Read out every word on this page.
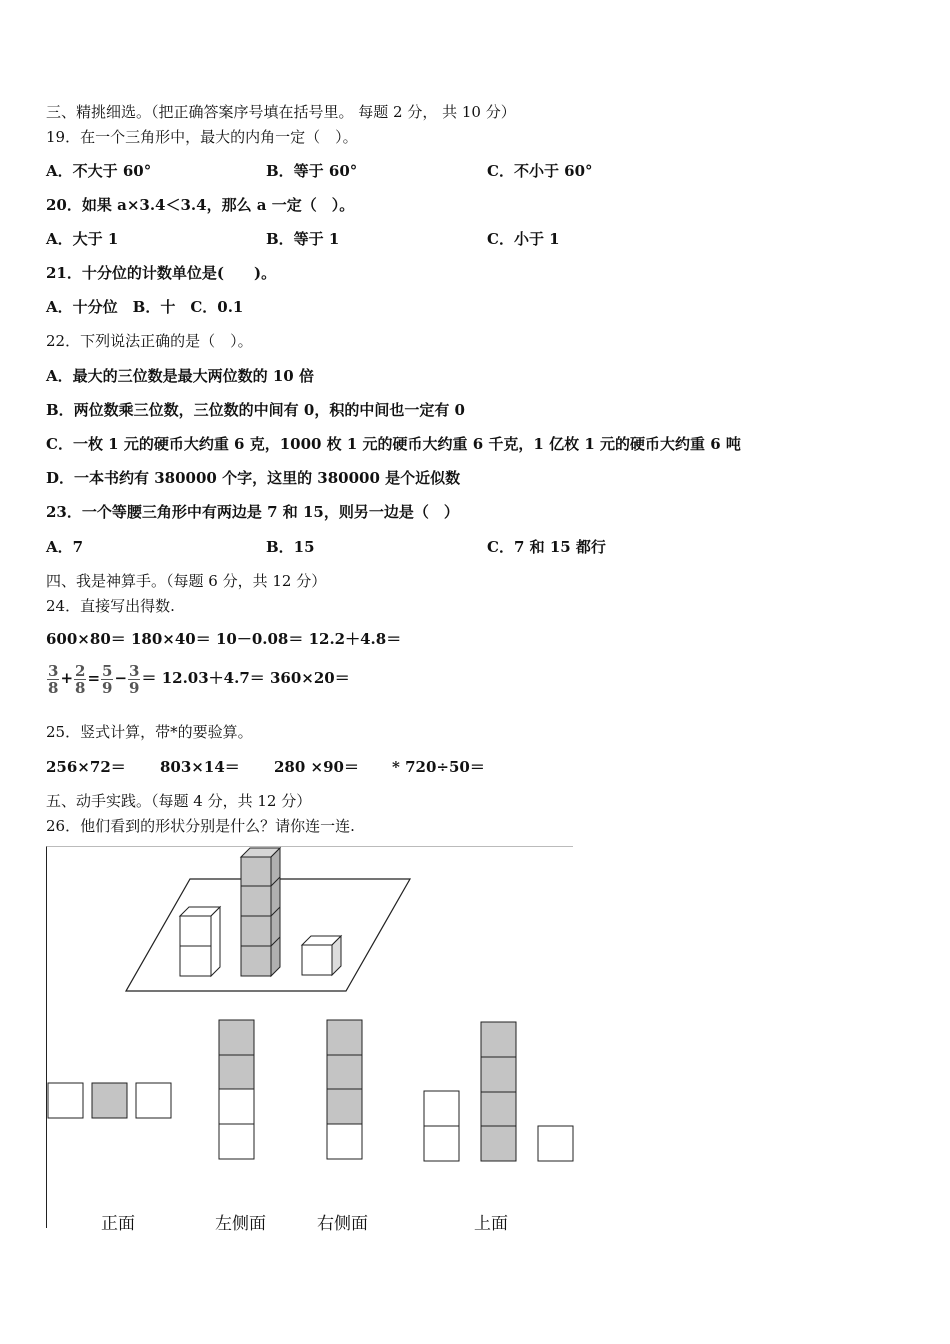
三、精挑细选。（把正确答案序号填在括号里。 每题 2 分， 共 10 分）
19．在一个三角形中，最大的内角一定（　）。
A．不大于 60°	B．等于 60°	C．不小于 60°
20．如果 a×3.4＜3.4，那么 a 一定（　）。
A．大于 1	B．等于 1	C．小于 1
21．十分位的计数单位是(　　)。
A．十分位　B．十　C．0.1
22．下列说法正确的是（　）。
A．最大的三位数是最大两位数的 10 倍
B．两位数乘三位数，三位数的中间有 0，积的中间也一定有 0
C．一枚 1 元的硬币大约重 6 克，1000 枚 1 元的硬币大约重 6 千克，1 亿枚 1 元的硬币大约重 6 吨
D．一本书约有 380000 个字，这里的 380000 是个近似数
23．一个等腰三角形中有两边是 7 和 15，则另一边是（　）
A．7	B．15	C．7 和 15 都行
四、我是神算手。（每题 6 分，共 12 分）
24．直接写出得数.
600×80＝ 180×40＝ 10－0.08＝ 12.2＋4.8＝
$\frac{3}{8} + \frac{2}{8} = \frac{5}{9} - \frac{3}{9} = 12.03+4.7= 360\times 20=$
25．竖式计算，带*的要验算。
256×72＝ 803×14＝ 280 ×90＝ * 720÷50＝
五、动手实践。（每题 4 分，共 12 分）
26．他们看到的形状分别是什么？请你连一连.
正面	左侧面	右侧面	上面
